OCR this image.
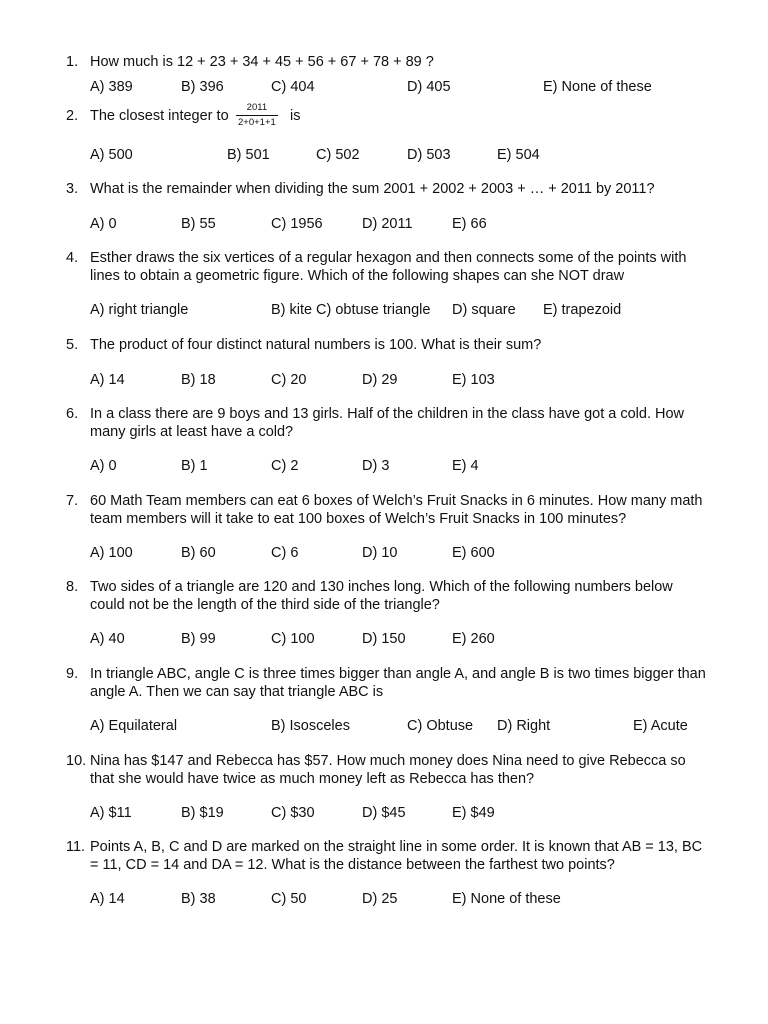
1. How much is 12 + 23 + 34 + 45 + 56 + 67 + 78 + 89 ?
A) 389	B) 396	C) 404	D) 405	E) None of these
2. The closest integer to
2011
2+0+1+1 is
A) 500	B) 501	C) 502	D) 503	E) 504
3. What is the remainder when dividing the sum 2001 + 2002 + 2003 + … + 2011 by 2011?
A) 0	B) 55	C) 1956	D) 2011	E) 66
4. Esther draws the six vertices of a regular hexagon and then connects some of the points with lines to obtain a geometric figure. Which of the following shapes can she NOT draw
A) right triangle	B) kite C) obtuse triangle D) square E) trapezoid
5. The product of four distinct natural numbers is 100. What is their sum?
A) 14	B) 18	C) 20	D) 29	E) 103
6. In a class there are 9 boys and 13 girls. Half of the children in the class have got a cold. How many girls at least have a cold?
A) 0	B) 1	C) 2	D) 3	E) 4
7. 60 Math Team members can eat 6 boxes of Welch’s Fruit Snacks in 6 minutes. How many math team members will it take to eat 100 boxes of Welch’s Fruit Snacks in 100 minutes?
A) 100	B) 60	C) 6	D) 10	E) 600
8. Two sides of a triangle are 120 and 130 inches long. Which of the following numbers below could not be the length of the third side of the triangle?
A) 40	B) 99	C) 100	D) 150	E) 260
9. In triangle ABC, angle C is three times bigger than angle A, and angle B is two times bigger than angle A. Then we can say that triangle ABC is
A) Equilateral	B) Isosceles	C) Obtuse D) Right	E) Acute
10. Nina has $147 and Rebecca has $57. How much money does Nina need to give Rebecca so that she would have twice as much money left as Rebecca has then?
A) $11	B) $19	C) $30	D) $45	E) $49
11. Points A, B, C and D are marked on the straight line in some order. It is known that AB = 13, BC = 11, CD = 14 and DA = 12. What is the distance between the farthest two points?
A) 14	B) 38	C) 50	D) 25	E) None of these
